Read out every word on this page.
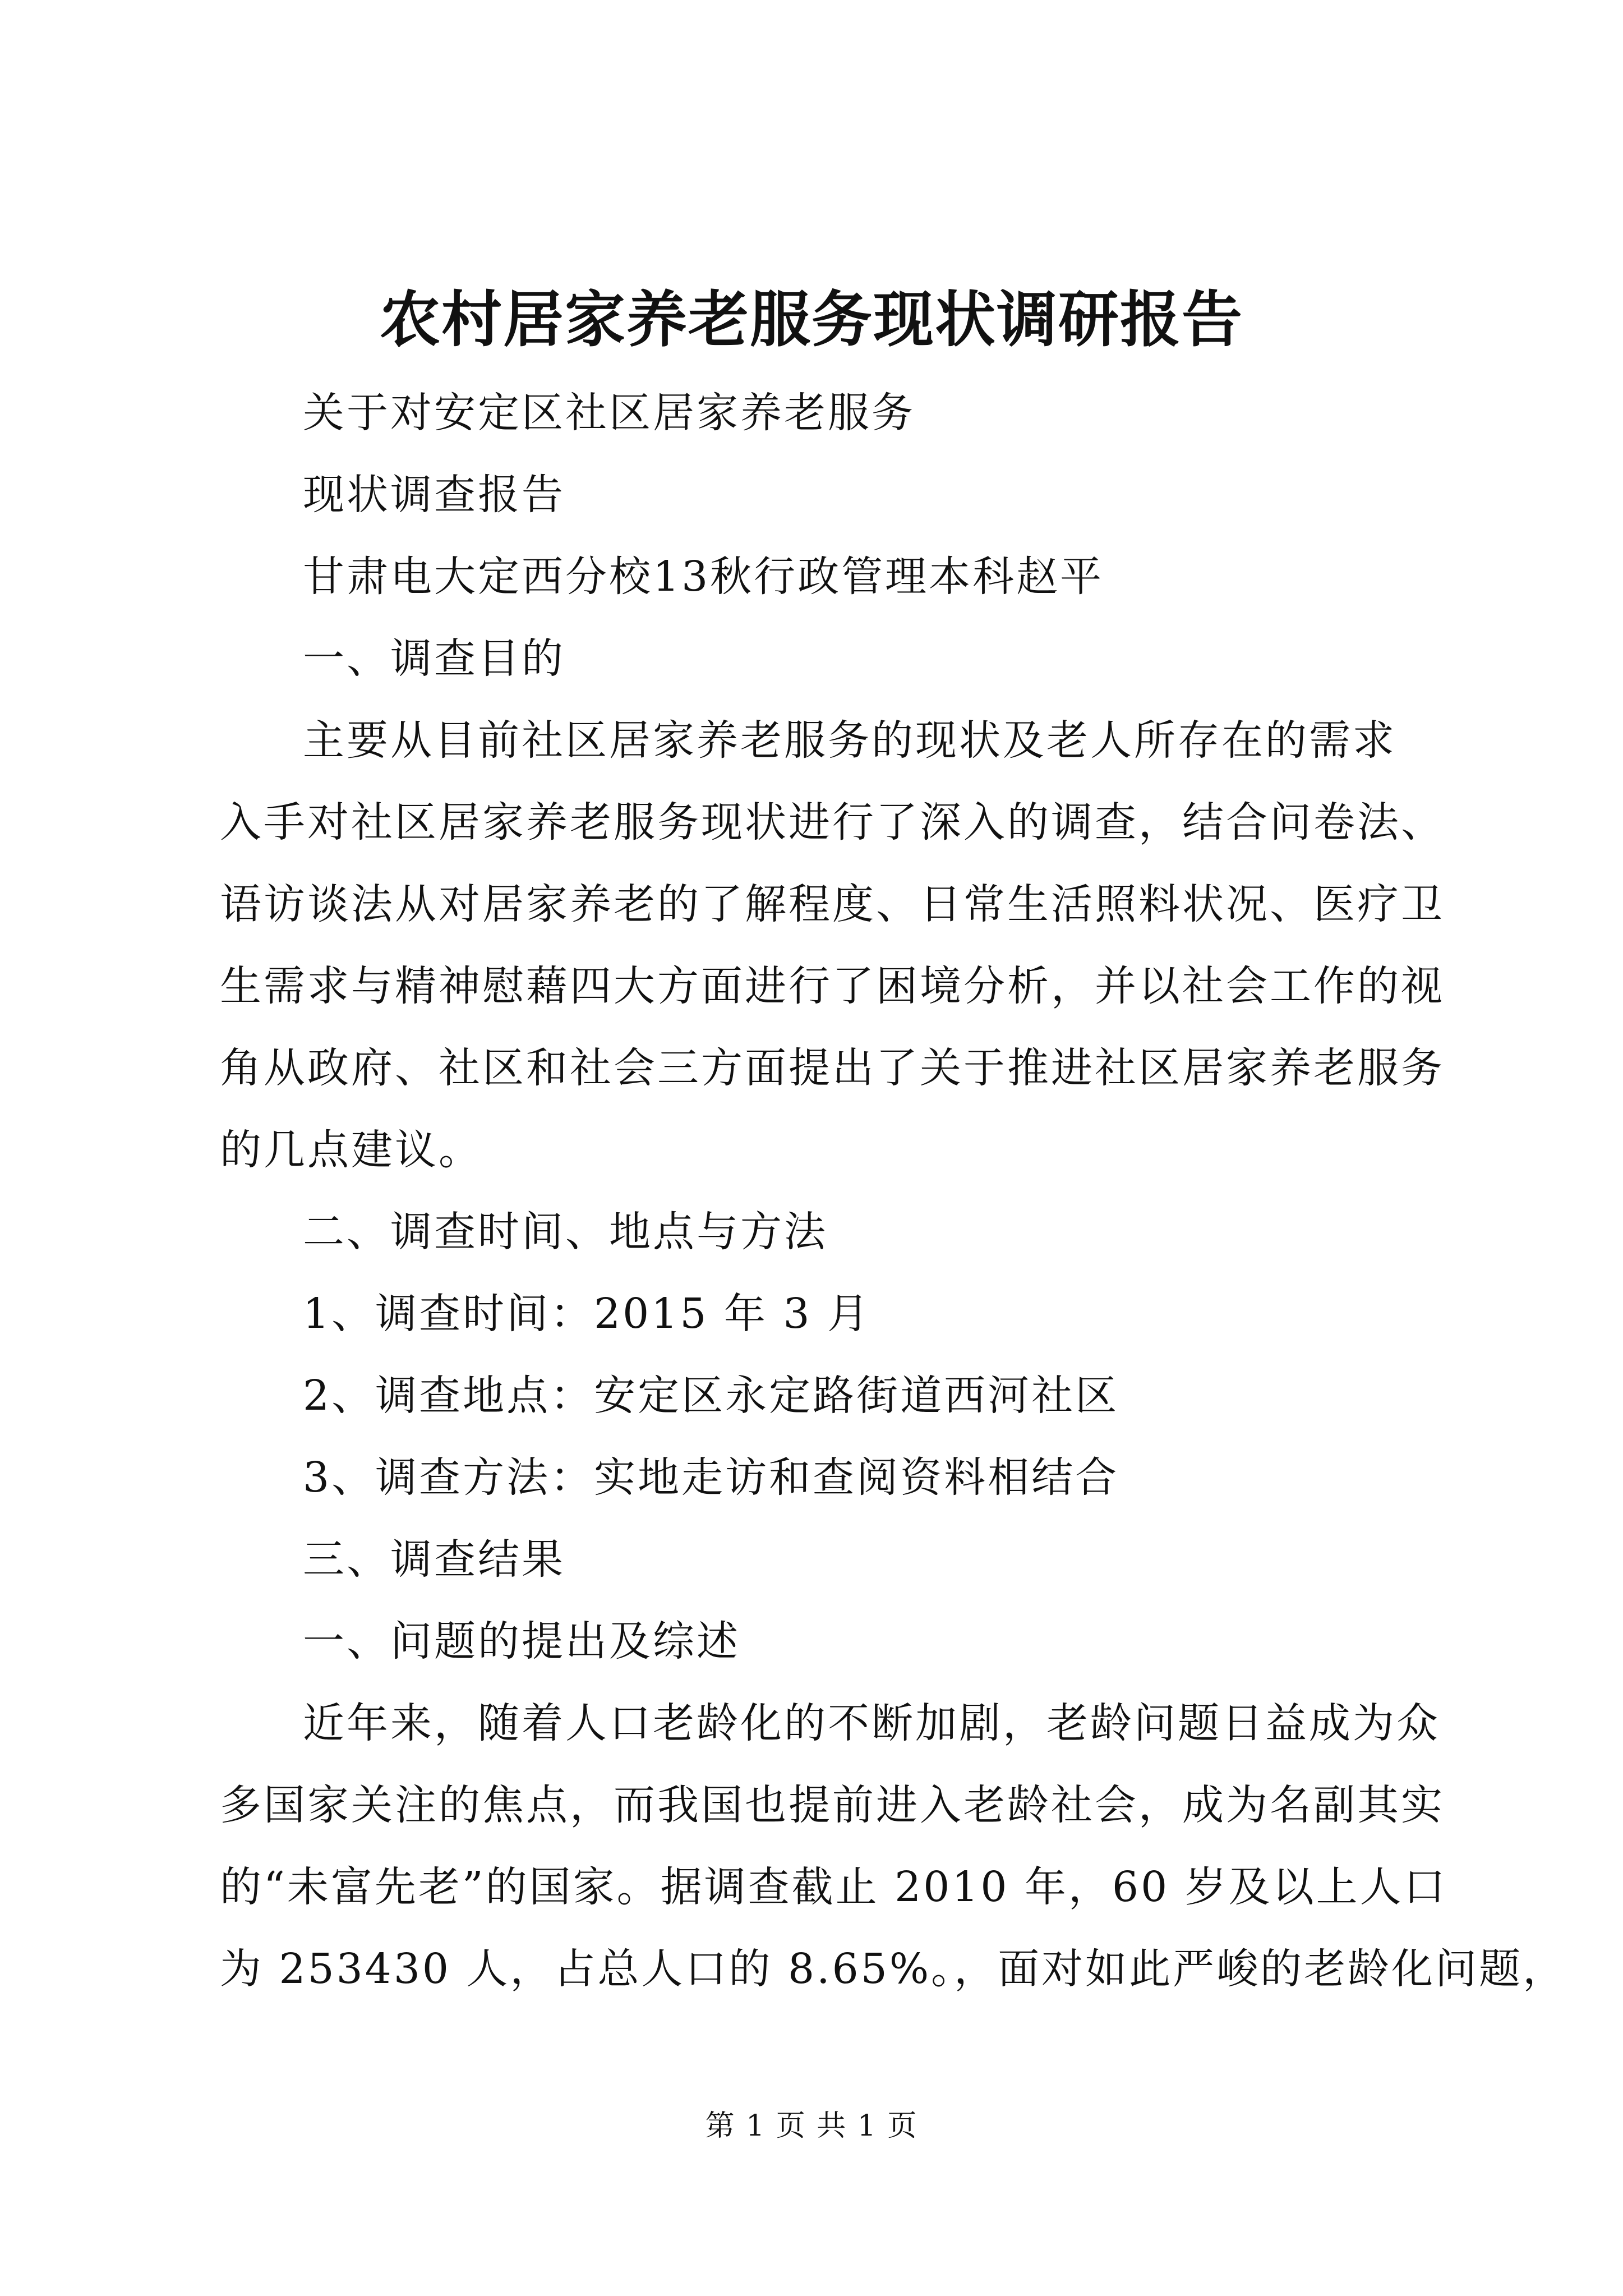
农村居家养老服务现状调研报告
关于对安定区社区居家养老服务
现状调查报告
甘肃电大定西分校13秋行政管理本科赵平
一、调查目的
主要从目前社区居家养老服务的现状及老人所存在的需求
入手对社区居家养老服务现状进行了深入的调查，结合问卷法、
语访谈法从对居家养老的了解程度、日常生活照料状况、医疗卫
生需求与精神慰藉四大方面进行了困境分析，并以社会工作的视
角从政府、社区和社会三方面提出了关于推进社区居家养老服务
的几点建议。
二、调查时间、地点与方法
1、调查时间：2015 年 3 月
2、调查地点：安定区永定路街道西河社区
3、调查方法：实地走访和查阅资料相结合
三、调查结果
一、问题的提出及综述
近年来，随着人口老龄化的不断加剧，老龄问题日益成为众
多国家关注的焦点，而我国也提前进入老龄社会，成为名副其实
的“未富先老”的国家。据调查截止 2010 年，60 岁及以上人口
为 253430 人，占总人口的 8.65%。，面对如此严峻的老龄化问题，
第 1 页 共 1 页
